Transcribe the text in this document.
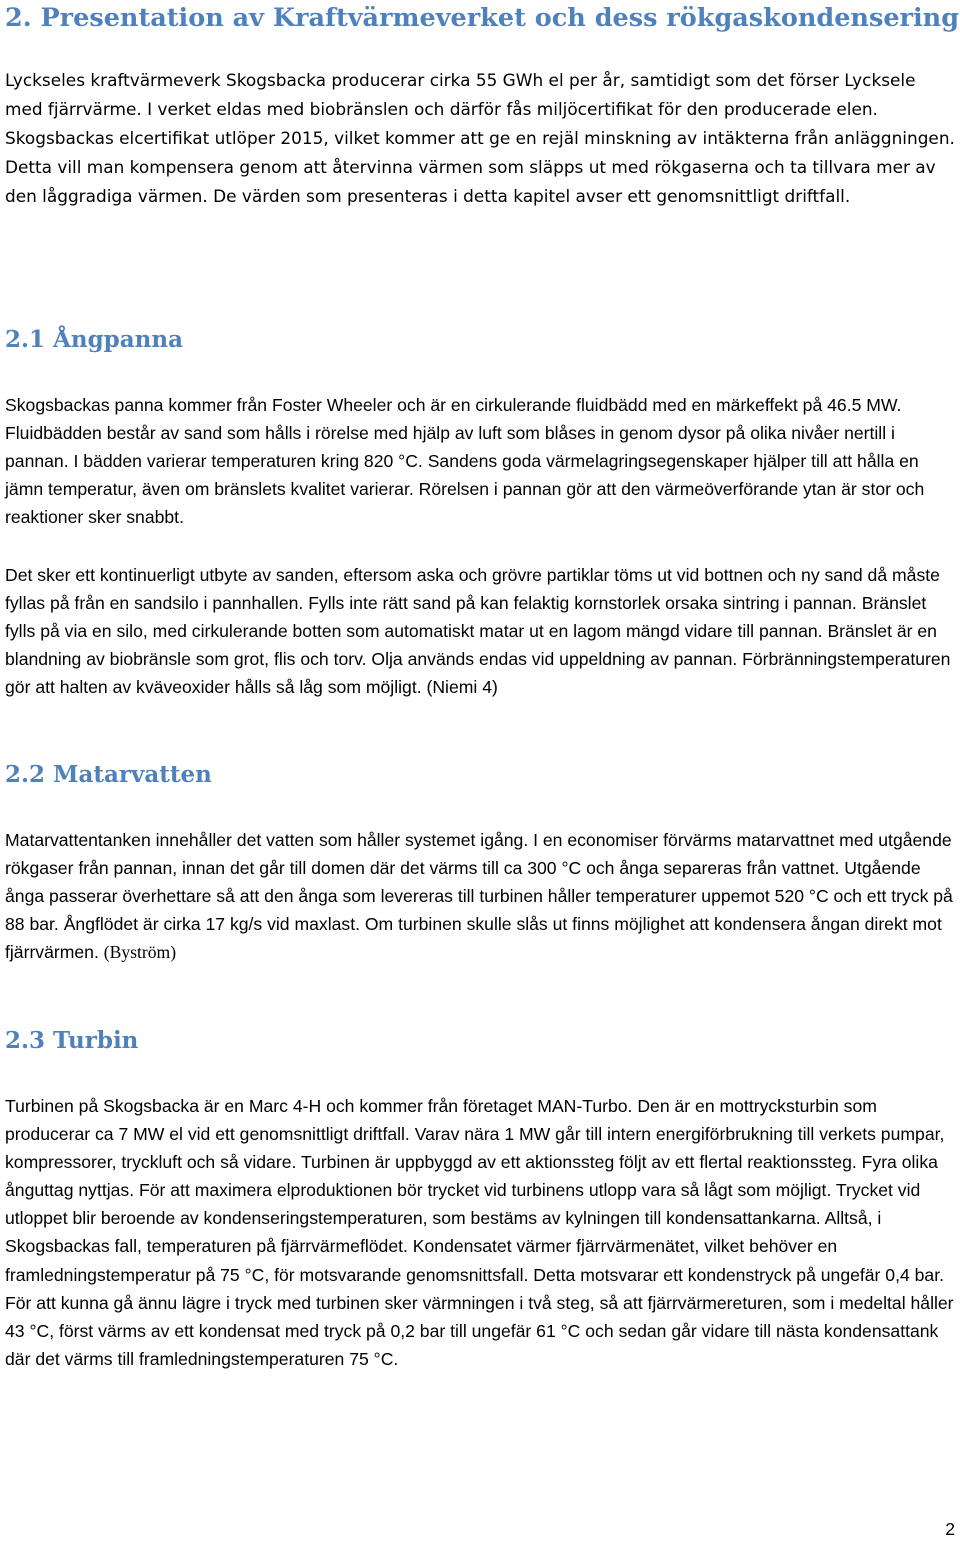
2. Presentation av Kraftvärmeverket och dess rökgaskondensering

Lyckseles kraftvärmeverk Skogsbacka producerar cirka 55 GWh el per år, samtidigt som det förser Lycksele med fjärrvärme. I verket eldas med biobränslen och därför fås miljöcertifikat för den producerade elen. Skogsbackas elcertifikat utlöper 2015, vilket kommer att ge en rejäl minskning av intäkterna från anläggningen. Detta vill man kompensera genom att återvinna värmen som släpps ut med rökgaserna och ta tillvara mer av den låggradiga värmen. De värden som presenteras i detta kapitel avser ett genomsnittligt driftfall.

2.1 Ångpanna

Skogsbackas panna kommer från Foster Wheeler och är en cirkulerande fluidbädd med en märkeffekt på 46.5 MW. Fluidbädden består av sand som hålls i rörelse med hjälp av luft som blåses in genom dysor på olika nivåer nertill i pannan. I bädden varierar temperaturen kring 820 °C. Sandens goda värmelagringsegenskaper hjälper till att hålla en jämn temperatur, även om bränslets kvalitet varierar. Rörelsen i pannan gör att den värmeöverförande ytan är stor och reaktioner sker snabbt.

Det sker ett kontinuerligt utbyte av sanden, eftersom aska och grövre partiklar töms ut vid bottnen och ny sand då måste fyllas på från en sandsilo i pannhallen. Fylls inte rätt sand på kan felaktig kornstorlek orsaka sintring i pannan. Bränslet fylls på via en silo, med cirkulerande botten som automatiskt matar ut en lagom mängd vidare till pannan. Bränslet är en blandning av biobränsle som grot, flis och torv. Olja används endas vid uppeldning av pannan. Förbränningstemperaturen gör att halten av kväveoxider hålls så låg som möjligt. (Niemi 4)

2.2 Matarvatten

Matarvattentanken innehåller det vatten som håller systemet igång. I en economiser förvärms matarvattnet med utgående rökgaser från pannan, innan det går till domen där det värms till ca 300 °C och ånga separeras från vattnet. Utgående ånga passerar överhettare så att den ånga som levereras till turbinen håller temperaturer uppemot 520 °C och ett tryck på 88 bar. Ångflödet är cirka 17 kg/s vid maxlast. Om turbinen skulle slås ut finns möjlighet att kondensera ångan direkt mot fjärrvärmen. (Byström)

2.3 Turbin

Turbinen på Skogsbacka är en Marc 4-H och kommer från företaget MAN-Turbo. Den är en mottrycksturbin som producerar ca 7 MW el vid ett genomsnittligt driftfall. Varav nära 1 MW går till intern energiförbrukning till verkets pumpar, kompressorer, tryckluft och så vidare. Turbinen är uppbyggd av ett aktionssteg följt av ett flertal reaktionssteg. Fyra olika ånguttag nyttjas. För att maximera elproduktionen bör trycket vid turbinens utlopp vara så lågt som möjligt. Trycket vid utloppet blir beroende av kondenseringstemperaturen, som bestäms av kylningen till kondensattankarna. Alltså, i Skogsbackas fall, temperaturen på fjärrvärmeflödet. Kondensatet värmer fjärrvärmenätet, vilket behöver en framledningstemperatur på 75 °C, för motsvarande genomsnittsfall. Detta motsvarar ett kondenstryck på ungefär 0,4 bar. För att kunna gå ännu lägre i tryck med turbinen sker värmningen i två steg, så att fjärrvärmereturen, som i medeltal håller 43 °C, först värms av ett kondensat med tryck på 0,2 bar till ungefär 61 °C och sedan går vidare till nästa kondensattank där det värms till framledningstemperaturen 75 °C.

2
